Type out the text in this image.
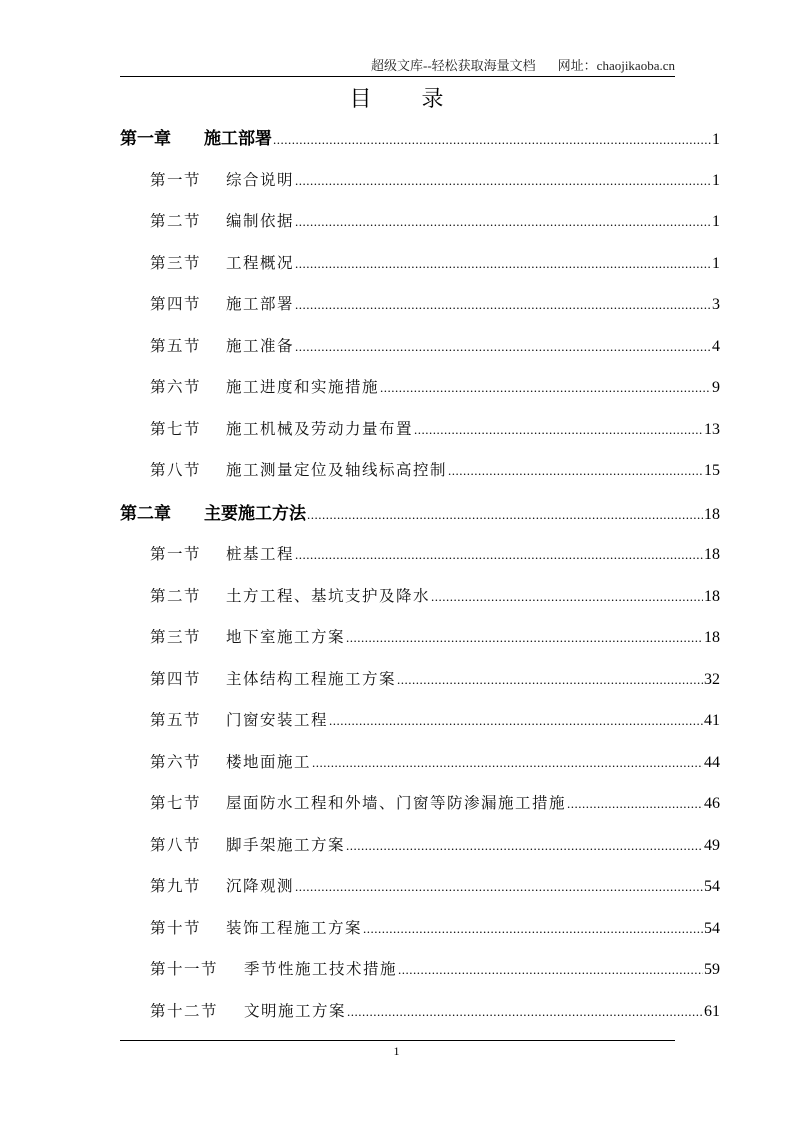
超级文库--轻松获取海量文档 网址：chaojikaoba.cn
目 录
第一章	施工部署 .....	1
第一节	综合说明 .....	1
第二节	编制依据 .....	1
第三节	工程概况 .....	1
第四节	施工部署 .....	3
第五节	施工准备 .....	4
第六节	施工进度和实施措施 .....	9
第七节	施工机械及劳动力量布置 .....	13
第八节	施工测量定位及轴线标高控制 .....	15
第二章	主要施工方法 .....	18
第一节	桩基工程 .....	18
第二节	土方工程、基坑支护及降水 .....	18
第三节	地下室施工方案 .....	18
第四节	主体结构工程施工方案 .....	32
第五节	门窗安装工程 .....	41
第六节	楼地面施工 .....	44
第七节	屋面防水工程和外墙、门窗等防渗漏施工措施 .....	46
第八节	脚手架施工方案 .....	49
第九节	沉降观测 .....	54
第十节	装饰工程施工方案 .....	54
第十一节	季节性施工技术措施 .....	59
第十二节	文明施工方案 .....	61
1
